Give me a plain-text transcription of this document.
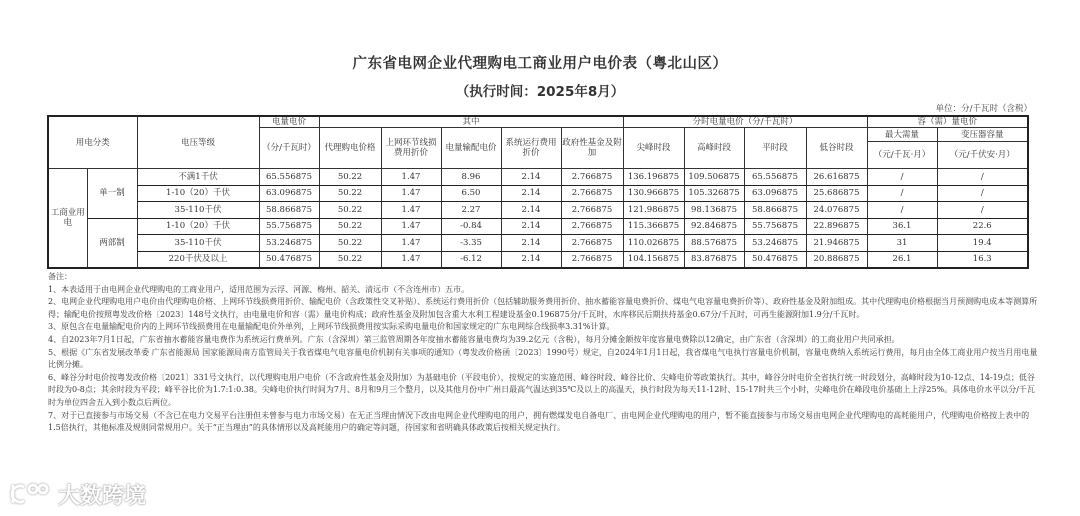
广东省电网企业代理购电工商业用户电价表（粤北山区）
（执行时间：2025年8月）
单位：分/千瓦时（含税）
用电分类		电压等级	电量电价	其中					分时电量电价（分/千瓦时）				容（需）量电价	
			（分/千瓦时）	代理购电价格	上网环节线损费用折价	电量输配电价	系统运行费用折价	政府性基金及附加	尖峰时段	高峰时段	平时段	低谷时段	最大需量	变压器容量
													（元/千瓦·月）	（元/千伏安·月）
工商业用电	单一制	不满1千伏	65.556875	50.22	1.47	8.96	2.14	2.766875	136.196875	109.506875	65.556875	26.616875	/	/
		1-10（20）千伏	63.096875	50.22	1.47	6.50	2.14	2.766875	130.966875	105.326875	63.096875	25.686875	/	/
		35-110千伏	58.866875	50.22	1.47	2.27	2.14	2.766875	121.986875	98.136875	58.866875	24.076875	/	/
	两部制	1-10（20）千伏	55.756875	50.22	1.47	-0.84	2.14	2.766875	115.366875	92.846875	55.756875	22.896875	36.1	22.6
		35-110千伏	53.246875	50.22	1.47	-3.35	2.14	2.766875	110.026875	88.576875	53.246875	21.946875	31	19.4
		220千伏及以上	50.476875	50.22	1.47	-6.12	2.14	2.766875	104.156875	83.876875	50.476875	20.886875	26.1	16.3

备注：

1、本表适用于由电网企业代理购电的工商业用户，适用范围为云浮、河源、梅州、韶关、清远市（不含连州市）五市。

2、电网企业代理购电用户电价由代理购电价格、上网环节线损费用折价、输配电价（含政策性交叉补贴）、系统运行费用折价（包括辅助服务费用折价、抽水蓄能容量电费折价、煤电气电容量电费折价等）、政府性基金及附加组成。其中代理购电价格根据当月预测购电成本等测算所得；输配电价按照粤发改价格〔2023〕148号文执行，由电量电价和容（需）量电价构成；政府性基金及附加包含重大水利工程建设基金0.196875分/千瓦时，水库移民后期扶持基金0.67分/千瓦时，可再生能源附加1.9分/千瓦时。

3、原包含在电量输配电价内的上网环节线损费用在电量输配电价外单列，上网环节线损费用按实际采购电量电价和国家规定的广东电网综合线损率3.31%计算。

4、自2023年7月1日起，广东省抽水蓄能容量电费作为系统运行费单列。广东（含深圳）第三监管周期各年度抽水蓄能容量电费均为39.2亿元（含税），每月分摊金额按年度容量电费除以12确定，由广东省（含深圳）的工商业用户共同承担。

5、根据《广东省发展改革委 广东省能源局 国家能源局南方监管局关于我省煤电气电容量电价机制有关事项的通知》（粤发改价格函〔2023〕1990号）规定，自2024年1月1日起，我省煤电气电执行容量电价机制，容量电费纳入系统运行费用，每月由全体工商业用户按当月用电量比例分摊。

6、峰谷分时电价按粤发改价格〔2021〕331号文执行，以代理购电用户电价（不含政府性基金及附加）为基础电价（平段电价），按规定的实施范围、峰谷时段、峰谷比价、尖峰电价等政策执行。其中，峰谷分时电价全省执行统一时段划分，高峰时段为10-12点、14-19点；低谷时段为0-8点；其余时段为平段；峰平谷比价为1.7:1:0.38。尖峰电价执行时间为7月、8月和9月三个整月，以及其他月份中广州日最高气温达到35℃及以上的高温天，执行时段为每天11-12时、15-17时共三个小时，尖峰电价在峰段电价基础上上浮25%。具体电价水平以分/千瓦时为单位四舍五入到小数点后两位。

7、对于已直接参与市场交易（不含已在电力交易平台注册但未曾参与电力市场交易）在无正当理由情况下改由电网企业代理购电的用户，拥有燃煤发电自备电厂、由电网企业代理购电的用户，暂不能直接参与市场交易由电网企业代理购电的高耗能用户，代理购电价格按上表中的1.5倍执行，其他标准及规则同常规用户。关于“正当理由”的具体情形以及高耗能用户的确定等问题，待国家和省明确具体政策后按相关规定执行。

大数跨境
